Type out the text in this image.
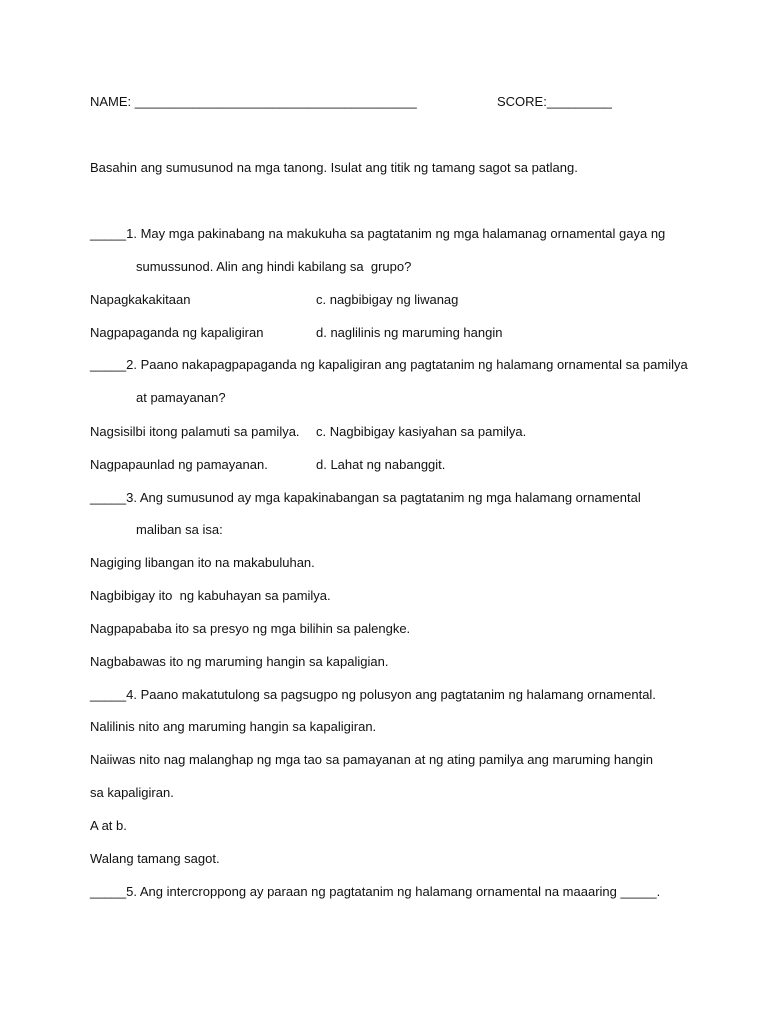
NAME: _______________________________________	SCORE:_________
Basahin ang sumusunod na mga tanong. Isulat ang titik ng tamang sagot sa patlang.
_____1. May mga pakinabang na makukuha sa pagtatanim ng mga halamanag ornamental gaya ng
sumussunod. Alin ang hindi kabilang sa  grupo?
Napagkakakitaan	c. nagbibigay ng liwanag
Nagpapaganda ng kapaligiran	d. naglilinis ng maruming hangin
_____2. Paano nakapagpapaganda ng kapaligiran ang pagtatanim ng halamang ornamental sa pamilya
at pamayanan?
Nagsisilbi itong palamuti sa pamilya. c. Nagbibigay kasiyahan sa pamilya.
Nagpapaunlad ng pamayanan.	d. Lahat ng nabanggit.
_____3. Ang sumusunod ay mga kapakinabangan sa pagtatanim ng mga halamang ornamental
maliban sa isa:
Nagiging libangan ito na makabuluhan.
Nagbibigay ito  ng kabuhayan sa pamilya.
Nagpapababa ito sa presyo ng mga bilihin sa palengke.
Nagbabawas ito ng maruming hangin sa kapaligian.
_____4. Paano makatutulong sa pagsugpo ng polusyon ang pagtatanim ng halamang ornamental.
Nalilinis nito ang maruming hangin sa kapaligiran.
Naiiwas nito nag malanghap ng mga tao sa pamayanan at ng ating pamilya ang maruming hangin
sa kapaligiran.
A at b.
Walang tamang sagot.
_____5. Ang intercroppong ay paraan ng pagtatanim ng halamang ornamental na maaaring _____.
